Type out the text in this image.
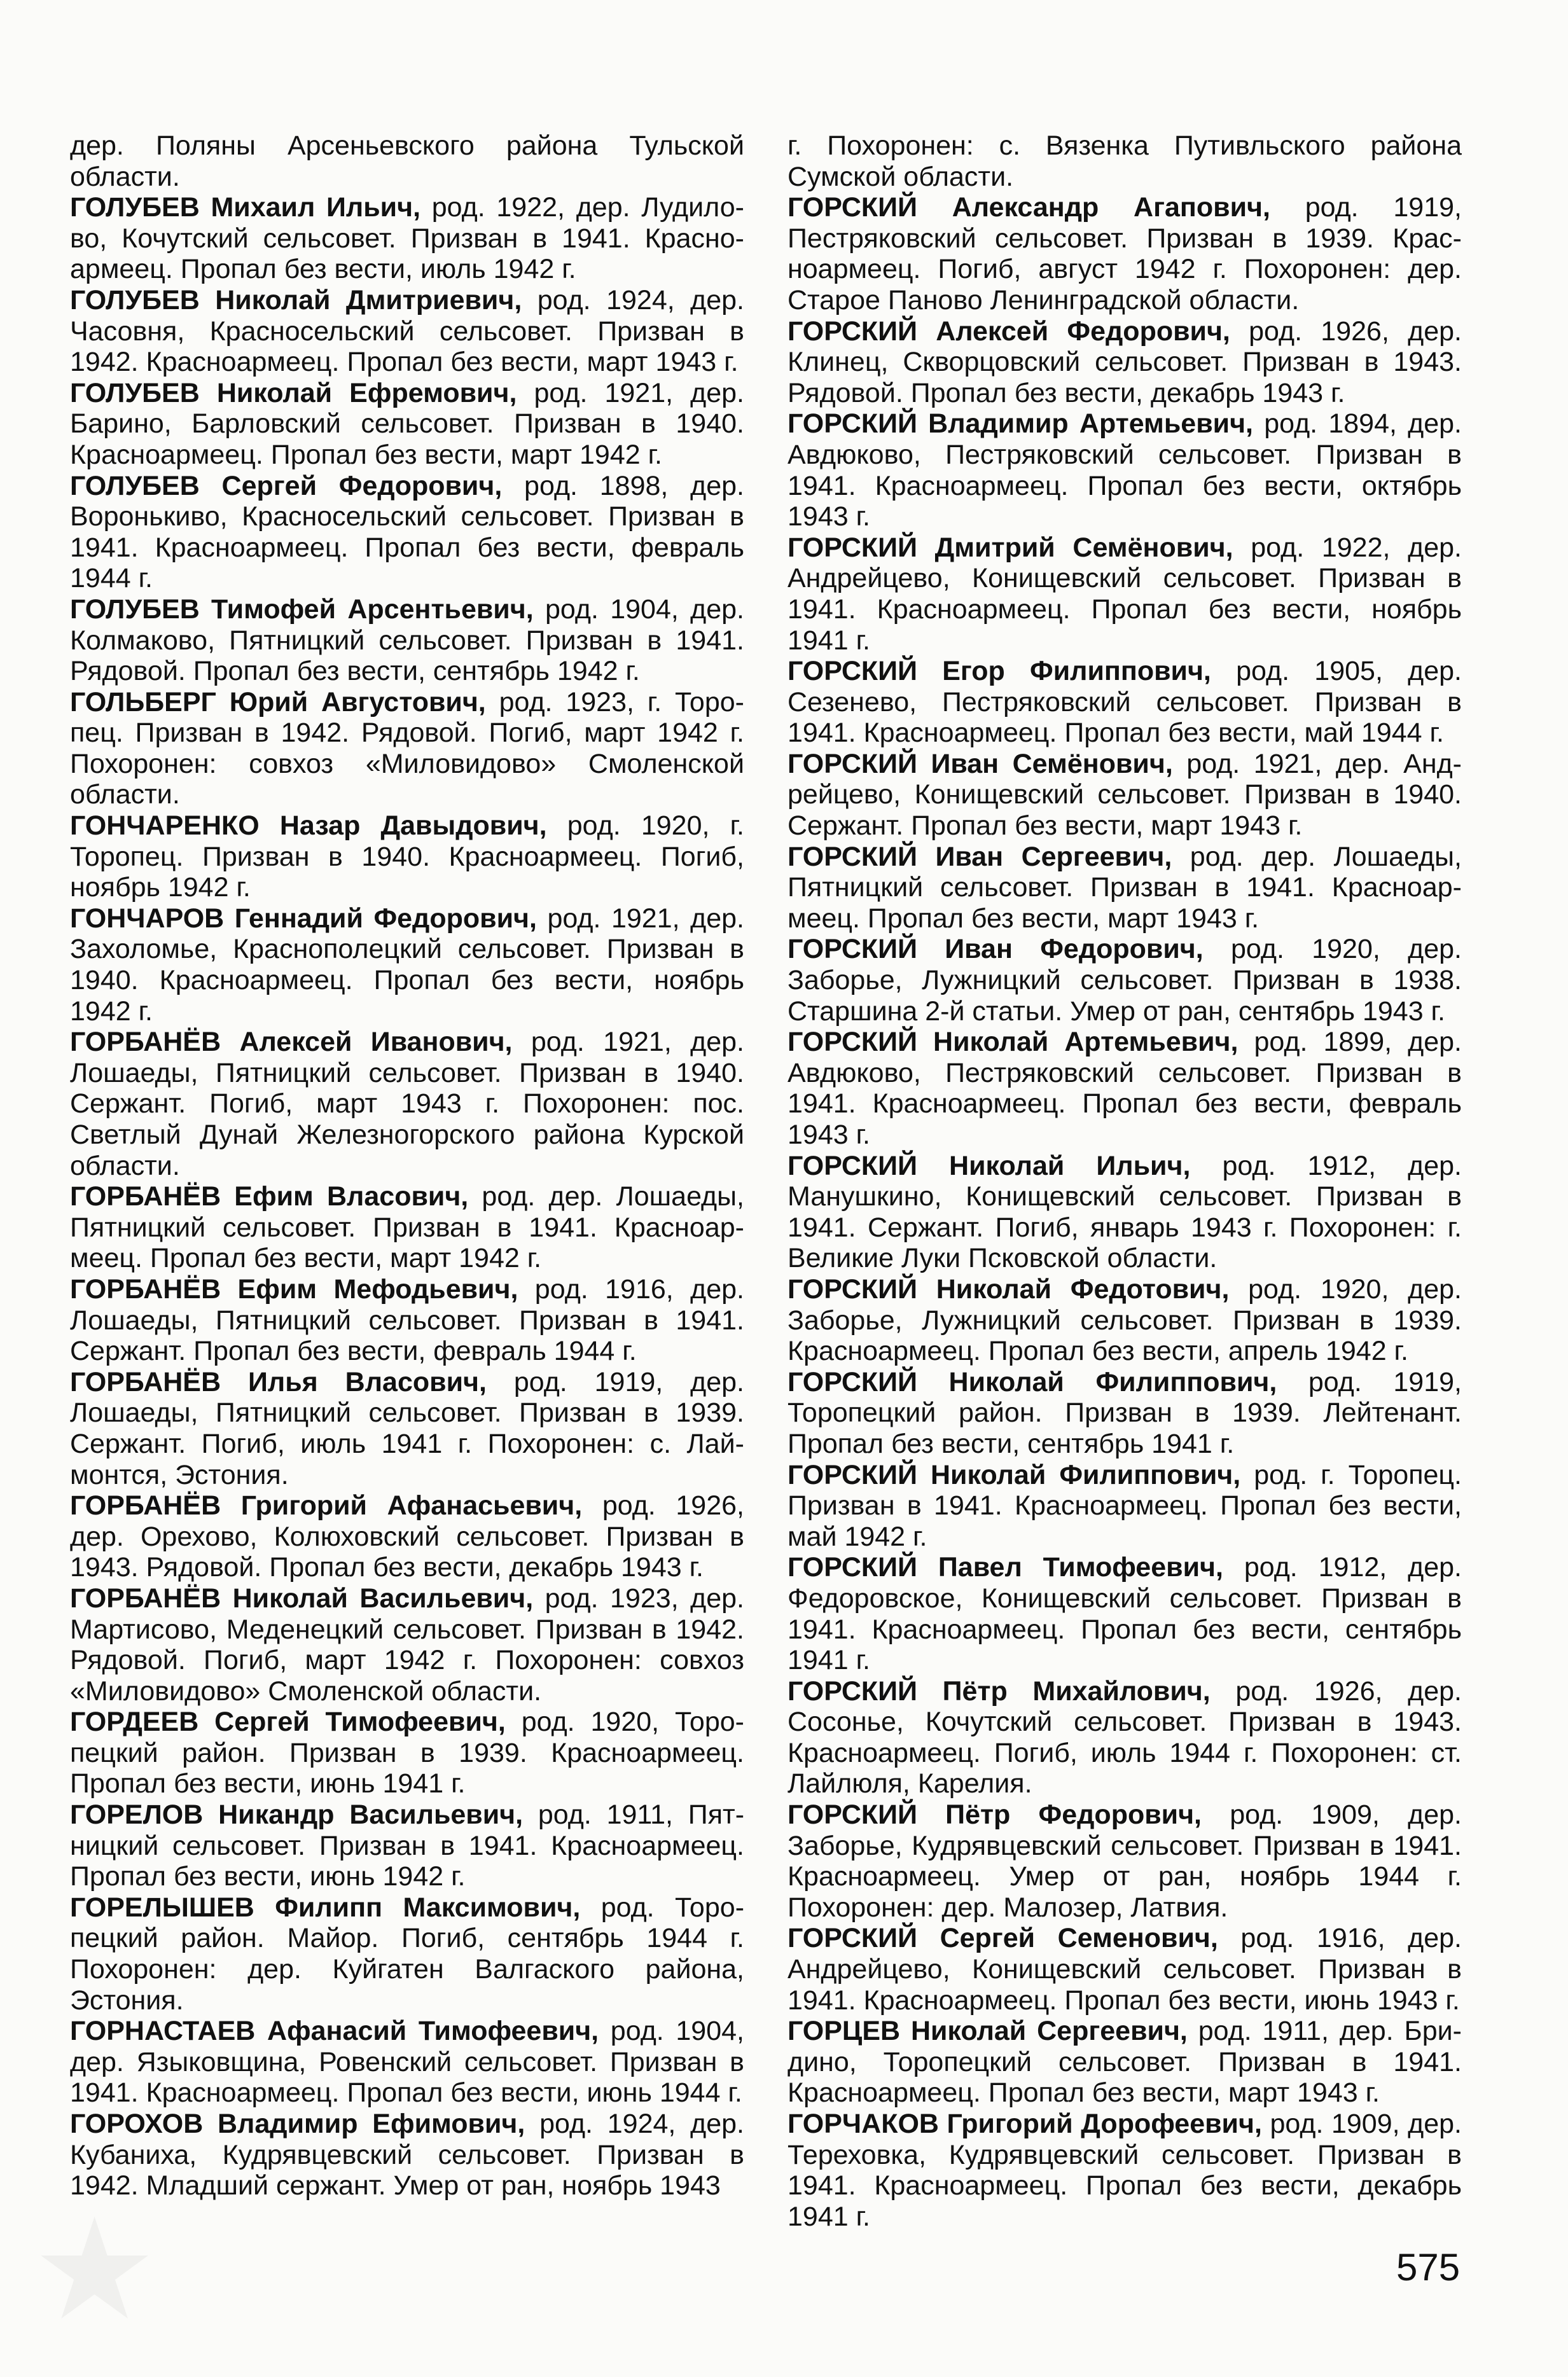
дер. Поляны Арсеньевского района Тульской области.

ГОЛУБЕВ Михаил Ильич, род. 1922, дер. Лудилово, Кочутский сельсовет. Призван в 1941. Красноармеец. Пропал без вести, июль 1942 г.

ГОЛУБЕВ Николай Дмитриевич, род. 1924, дер. Часовня, Красносельский сельсовет. Призван в 1942. Красноармеец. Пропал без вести, март 1943 г.

ГОЛУБЕВ Николай Ефремович, род. 1921, дер. Барино, Барловский сельсовет. Призван в 1940. Красноармеец. Пропал без вести, март 1942 г.

ГОЛУБЕВ Сергей Федорович, род. 1898, дер. Воронькиво, Красносельский сельсовет. Призван в 1941. Красноармеец. Пропал без вести, февраль 1944 г.

ГОЛУБЕВ Тимофей Арсентьевич, род. 1904, дер. Колмаково, Пятницкий сельсовет. Призван в 1941. Рядовой. Пропал без вести, сентябрь 1942 г.

ГОЛЬБЕРГ Юрий Августович, род. 1923, г. Торопец. Призван в 1942. Рядовой. Погиб, март 1942 г. Похоронен: совхоз «Миловидово» Смоленской области.

ГОНЧАРЕНКО Назар Давыдович, род. 1920, г. Торопец. Призван в 1940. Красноармеец. Погиб, ноябрь 1942 г.

ГОНЧАРОВ Геннадий Федорович, род. 1921, дер. Захоломье, Краснополецкий сельсовет. Призван в 1940. Красноармеец. Пропал без вести, ноябрь 1942 г.

ГОРБАНЁВ Алексей Иванович, род. 1921, дер. Лошаеды, Пятницкий сельсовет. Призван в 1940. Сержант. Погиб, март 1943 г. Похоронен: пос. Светлый Дунай Железногорского района Курской области.

ГОРБАНЁВ Ефим Власович, род. дер. Лошаеды, Пятницкий сельсовет. Призван в 1941. Красноармеец. Пропал без вести, март 1942 г.

ГОРБАНЁВ Ефим Мефодьевич, род. 1916, дер. Лошаеды, Пятницкий сельсовет. Призван в 1941. Сержант. Пропал без вести, февраль 1944 г.

ГОРБАНЁВ Илья Власович, род. 1919, дер. Лошаеды, Пятницкий сельсовет. Призван в 1939. Сержант. Погиб, июль 1941 г. Похоронен: с. Лаймонтся, Эстония.

ГОРБАНЁВ Григорий Афанасьевич, род. 1926, дер. Орехово, Колюховский сельсовет. Призван в 1943. Рядовой. Пропал без вести, декабрь 1943 г.

ГОРБАНЁВ Николай Васильевич, род. 1923, дер. Мартисово, Меденецкий сельсовет. Призван в 1942. Рядовой. Погиб, март 1942 г. Похоронен: совхоз «Миловидово» Смоленской области.

ГОРДЕЕВ Сергей Тимофеевич, род. 1920, Торопецкий район. Призван в 1939. Красноармеец. Пропал без вести, июнь 1941 г.

ГОРЕЛОВ Никандр Васильевич, род. 1911, Пятницкий сельсовет. Призван в 1941. Красноармеец. Пропал без вести, июнь 1942 г.

ГОРЕЛЫШЕВ Филипп Максимович, род. Торопецкий район. Майор. Погиб, сентябрь 1944 г. Похоронен: дер. Куйгатен Валгаского района, Эстония.

ГОРНАСТАЕВ Афанасий Тимофеевич, род. 1904, дер. Языковщина, Ровенский сельсовет. Призван в 1941. Красноармеец. Пропал без вести, июнь 1944 г.

ГОРОХОВ Владимир Ефимович, род. 1924, дер. Кубаниха, Кудрявцевский сельсовет. Призван в 1942. Младший сержант. Умер от ран, ноябрь 1943

г. Похоронен: с. Вязенка Путивльского района Сумской области.

ГОРСКИЙ Александр Агапович, род. 1919, Пестряковский сельсовет. Призван в 1939. Красноармеец. Погиб, август 1942 г. Похоронен: дер. Старое Паново Ленинградской области.

ГОРСКИЙ Алексей Федорович, род. 1926, дер. Клинец, Скворцовский сельсовет. Призван в 1943. Рядовой. Пропал без вести, декабрь 1943 г.

ГОРСКИЙ Владимир Артемьевич, род. 1894, дер. Авдюково, Пестряковский сельсовет. Призван в 1941. Красноармеец. Пропал без вести, октябрь 1943 г.

ГОРСКИЙ Дмитрий Семёнович, род. 1922, дер. Андрейцево, Конищевский сельсовет. Призван в 1941. Красноармеец. Пропал без вести, ноябрь 1941 г.

ГОРСКИЙ Егор Филиппович, род. 1905, дер. Сезенево, Пестряковский сельсовет. Призван в 1941. Красноармеец. Пропал без вести, май 1944 г.

ГОРСКИЙ Иван Семёнович, род. 1921, дер. Андрейцево, Конищевский сельсовет. Призван в 1940. Сержант. Пропал без вести, март 1943 г.

ГОРСКИЙ Иван Сергеевич, род. дер. Лошаеды, Пятницкий сельсовет. Призван в 1941. Красноармеец. Пропал без вести, март 1943 г.

ГОРСКИЙ Иван Федорович, род. 1920, дер. Заборье, Лужницкий сельсовет. Призван в 1938. Старшина 2-й статьи. Умер от ран, сентябрь 1943 г.

ГОРСКИЙ Николай Артемьевич, род. 1899, дер. Авдюково, Пестряковский сельсовет. Призван в 1941. Красноармеец. Пропал без вести, февраль 1943 г.

ГОРСКИЙ Николай Ильич, род. 1912, дер. Манушкино, Конищевский сельсовет. Призван в 1941. Сержант. Погиб, январь 1943 г. Похоронен: г. Великие Луки Псковской области.

ГОРСКИЙ Николай Федотович, род. 1920, дер. Заборье, Лужницкий сельсовет. Призван в 1939. Красноармеец. Пропал без вести, апрель 1942 г.

ГОРСКИЙ Николай Филиппович, род. 1919, Торопецкий район. Призван в 1939. Лейтенант. Пропал без вести, сентябрь 1941 г.

ГОРСКИЙ Николай Филиппович, род. г. Торопец. Призван в 1941. Красноармеец. Пропал без вести, май 1942 г.

ГОРСКИЙ Павел Тимофеевич, род. 1912, дер. Федоровское, Конищевский сельсовет. Призван в 1941. Красноармеец. Пропал без вести, сентябрь 1941 г.

ГОРСКИЙ Пётр Михайлович, род. 1926, дер. Сосонье, Кочутский сельсовет. Призван в 1943. Красноармеец. Погиб, июль 1944 г. Похоронен: ст. Лайлюля, Карелия.

ГОРСКИЙ Пётр Федорович, род. 1909, дер. Заборье, Кудрявцевский сельсовет. Призван в 1941. Красноармеец. Умер от ран, ноябрь 1944 г. Похоронен: дер. Малозер, Латвия.

ГОРСКИЙ Сергей Семенович, род. 1916, дер. Андрейцево, Конищевский сельсовет. Призван в 1941. Красноармеец. Пропал без вести, июнь 1943 г.

ГОРЦЕВ Николай Сергеевич, род. 1911, дер. Бридино, Торопецкий сельсовет. Призван в 1941. Красноармеец. Пропал без вести, март 1943 г.

ГОРЧАКОВ Григорий Дорофеевич, род. 1909, дер. Тереховка, Кудрявцевский сельсовет. Призван в 1941. Красноармеец. Пропал без вести, декабрь 1941 г.

575
★
